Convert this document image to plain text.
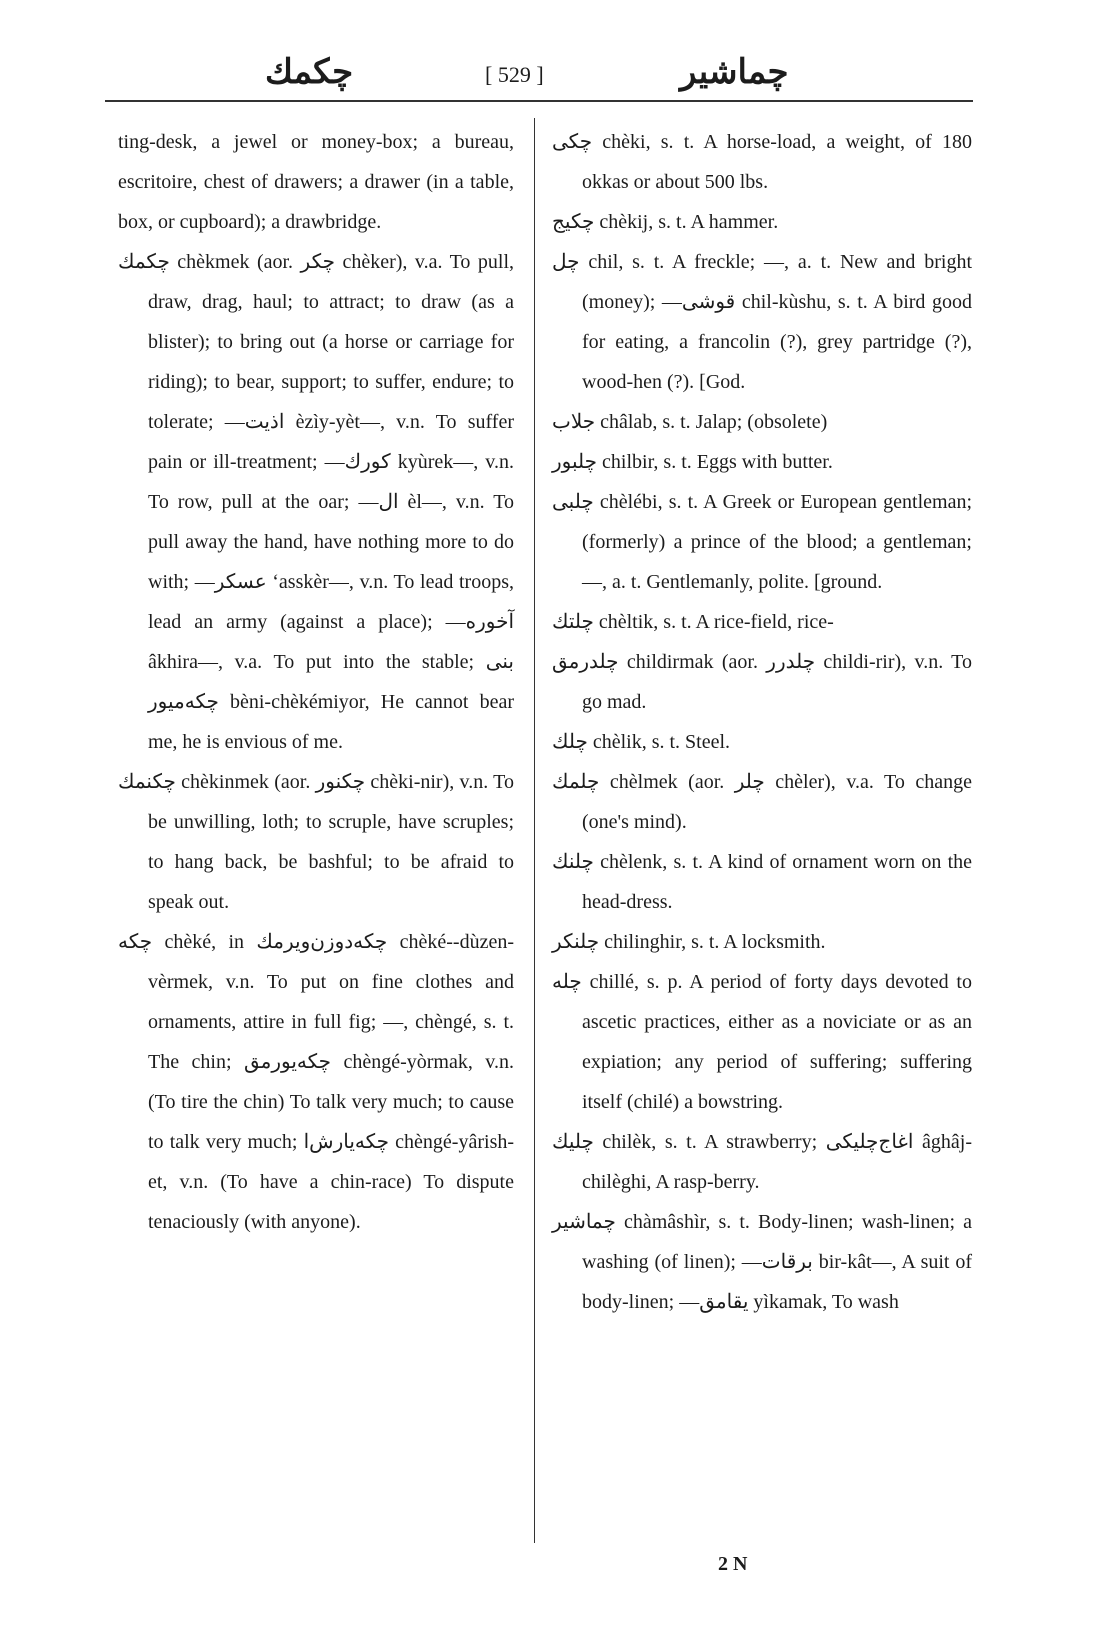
چکمك	[ 529 ]	چماشیر
ting-desk, a jewel or money-box; a bureau, escritoire, chest of drawers; a drawer (in a table, box, or cupboard); a drawbridge.
چکمك chèkmek (aor. چکر chèker), v.a. To pull, draw, drag, haul; to attract; to draw (as a blister); to bring out (a horse or carriage for riding); to bear, support; to suffer, endure; to tolerate; —اذیت èzìy-yèt—, v.n. To suffer pain or ill-treatment; —کورك kyùrek—, v.n. To row, pull at the oar; —ال èl—, v.n. To pull away the hand, have nothing more to do with; —عسکر ʻasskèr—, v.n. To lead troops, lead an army (against a place); —آخوره âkhira—, v.a. To put into the stable; بنی چکه‌میور bèni-chèkémiyor, He cannot bear me, he is envious of me.
چکنمك chèkinmek (aor. چکنور chèki-nir), v.n. To be unwilling, loth; to scruple, have scruples; to hang back, be bashful; to be afraid to speak out.
چکه chèké, in چکه‌دوزن‌ویرمك chèké--dùzen-vèrmek, v.n. To put on fine clothes and ornaments, attire in full fig; —, chèngé, s. t. The chin; چکه‌یورمق chèngé-yòrmak, v.n. (To tire the chin) To talk very much; to cause to talk very much; چکه‌یارش‌ا chèngé-yârish-et, v.n. (To have a chin-race) To dispute tenaciously (with anyone).
چکی chèki, s. t. A horse-load, a weight, of 180 okkas or about 500 lbs.
چکیج chèkij, s. t. A hammer.
چل chil, s. t. A freckle; —, a. t. New and bright (money); —قوشی chil-kùshu, s. t. A bird good for eating, a francolin (?), grey partridge (?), wood-hen (?). [God.
جلاب châlab, s. t. Jalap; (obsolete)
چلبور chilbir, s. t. Eggs with butter.
چلبی chèlébi, s. t. A Greek or European gentleman; (formerly) a prince of the blood; a gentleman; —, a. t. Gentlemanly, polite. [ground.
چلتك chèltik, s. t. A rice-field, rice-
چلدرمق childirmak (aor. چلدرر childi-rir), v.n. To go mad.
چلك chèlik, s. t. Steel.
چلمك chèlmek (aor. چلر chèler), v.a. To change (one's mind).
چلنك chèlenk, s. t. A kind of ornament worn on the head-dress.
چلنکر chilinghir, s. t. A locksmith.
چله chillé, s. p. A period of forty days devoted to ascetic practices, either as a noviciate or as an expiation; any period of suffering; suffering itself (chilé) a bowstring.
چلیك chilèk, s. t. A strawberry; اغاج‌چلیکی âghâj-chilèghi, A rasp-berry.
چماشیر chàmâshìr, s. t. Body-linen; wash-linen; a washing (of linen); —برقات bir-kât—, A suit of body-linen; —یقامق yìkamak, To wash
2 N
